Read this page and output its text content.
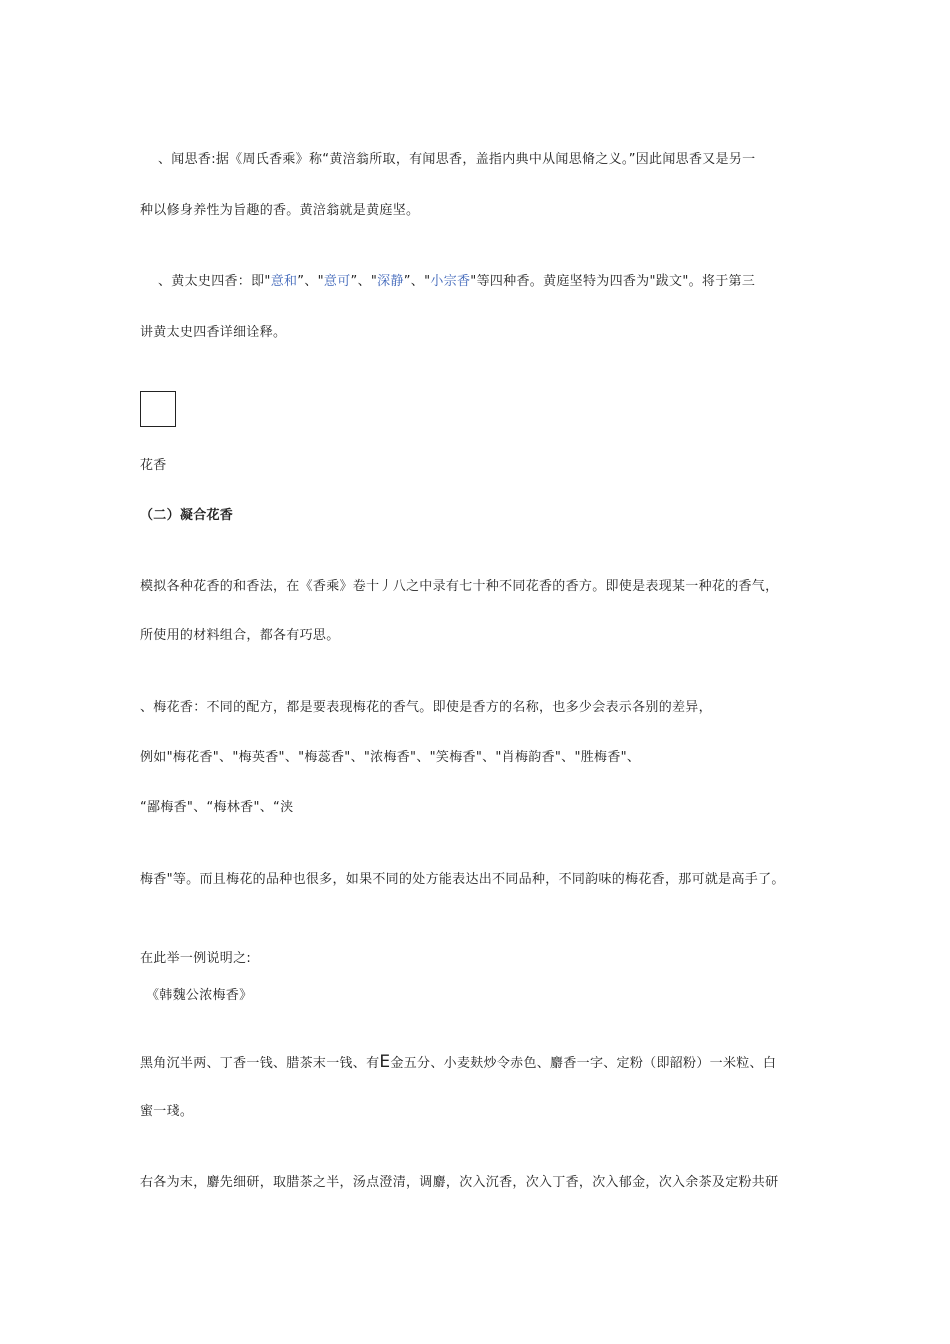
、闻思香:据《周氏香乘》称“黄涪翁所取，有闻思香，盖指内典中从闻思脩之义。”因此闻思香又是另一
种以修身养性为旨趣的香。黄涪翁就是黄庭坚。
、黄太史四香：即"意和”、"意可”、"深静”、"小宗香"等四种香。黄庭坚特为四香为"跋文"。将于第三
讲黄太史四香详细诠释。
花香
（二）凝合花香
模拟各种花香的和香法，在《香乘》卷十丿八之中录有七十种不同花香的香方。即使是表现某一种花的香气，
所使用的材料组合，都各有巧思。
、梅花香：不同的配方，都是要表现梅花的香气。即使是香方的名称，也多少会表示各别的差异，
例如"梅花香"、"梅英香"、"梅蕊香"、"浓梅香"、"笑梅香"、"肖梅韵香"、"胜梅香"、
“鄙梅香"、“梅林香"、“浃
梅香"等。而且梅花的品种也很多，如果不同的处方能表达出不同品种，不同韵味的梅花香，那可就是高手了。
在此举一例说明之:
《韩魏公浓梅香》
黑角沉半两、丁香一钱、腊茶末一钱、有E金五分、小麦麸炒令赤色、麝香一字、定粉（即韶粉）一米粒、白
蜜一琖。
右各为末，麝先细研，取腊茶之半，汤点澄清，调麝，次入沉香，次入丁香，次入郁金，次入余茶及定粉共研
